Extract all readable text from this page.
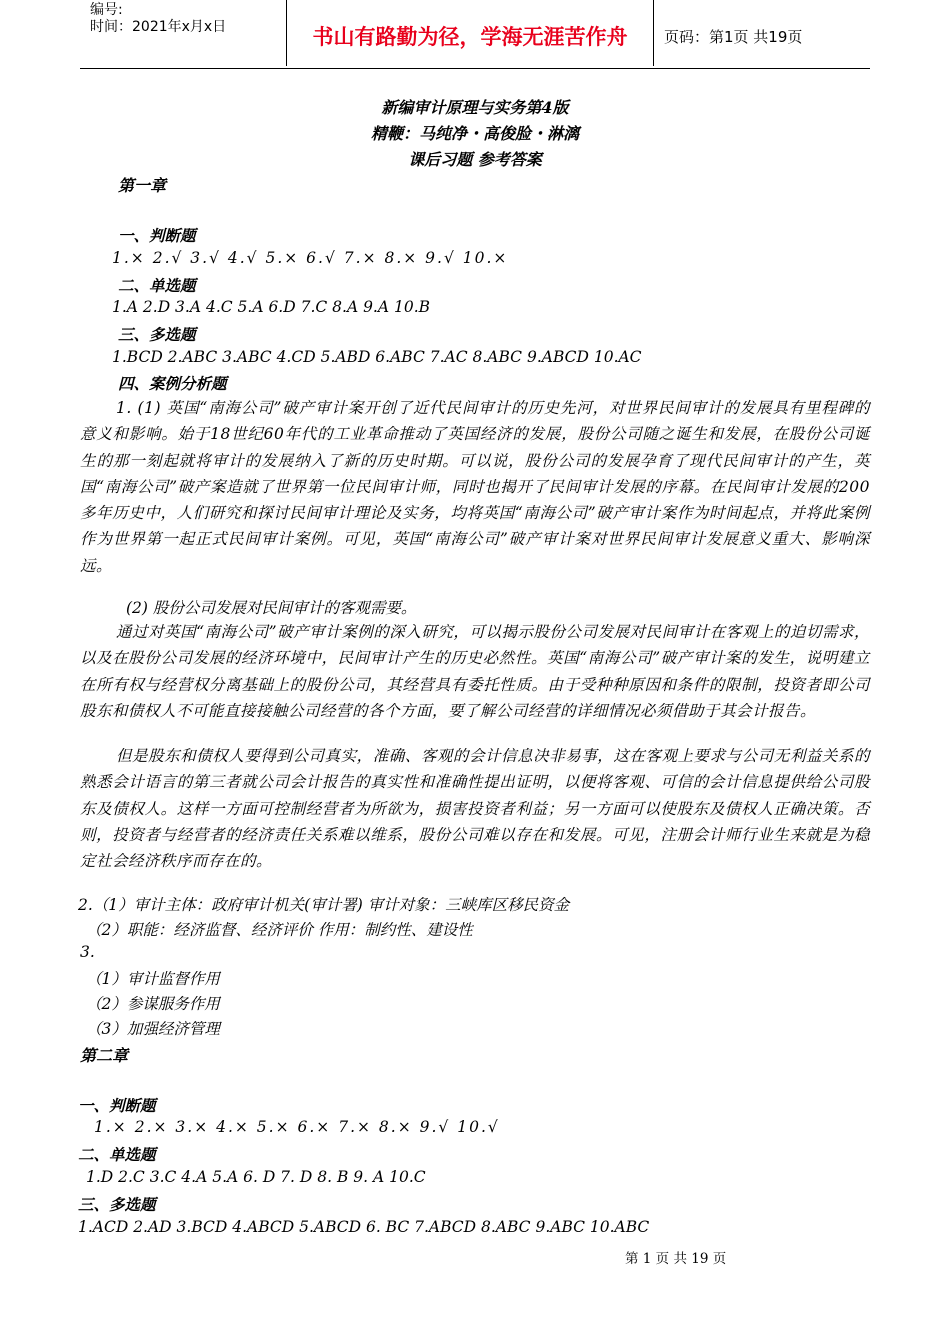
编号:
时间：2021年x月x日	书山有路勤为径，学海无涯苦作舟	页码：第1页 共19页
新编审计原理与实务第4版
精鞭：马纯净・高俊脸・淋漓
课后习题 参考答案
第一章
一、判断题
1.× 2.√ 3.√ 4.√ 5.× 6.√ 7.× 8.× 9.√ 10.×
二、单选题
1.A 2.D 3.A 4.C 5.A 6.D 7.C 8.A 9.A 10.B
三、多选题
1.BCD 2.ABC 3.ABC 4.CD 5.ABD 6.ABC 7.AC 8.ABC 9.ABCD 10.AC
四、案例分析题
1. (1) 英国“南海公司”破产审计案开创了近代民间审计的历史先河，对世界民间审计的发展具有里程碑的意义和影响。始于18世纪60年代的工业革命推动了英国经济的发展，股份公司随之诞生和发展，在股份公司诞生的那一刻起就将审计的发展纳入了新的历史时期。可以说，股份公司的发展孕育了现代民间审计的产生，英国“南海公司”破产案造就了世界第一位民间审计师，同时也揭开了民间审计发展的序幕。在民间审计发展的200多年历史中，人们研究和探讨民间审计理论及实务，均将英国“南海公司”破产审计案作为时间起点，并将此案例作为世界第一起正式民间审计案例。可见，英国“南海公司”破产审计案对世界民间审计发展意义重大、影响深远。
(2) 股份公司发展对民间审计的客观需要。
通过对英国“南海公司”破产审计案例的深入研究，可以揭示股份公司发展对民间审计在客观上的迫切需求，以及在股份公司发展的经济环境中，民间审计产生的历史必然性。英国“南海公司”破产审计案的发生，说明建立在所有权与经营权分离基础上的股份公司，其经营具有委托性质。由于受种种原因和条件的限制，投资者即公司股东和债权人不可能直接接触公司经营的各个方面，要了解公司经营的详细情况必须借助于其会计报告。
但是股东和债权人要得到公司真实，准确、客观的会计信息决非易事，这在客观上要求与公司无利益关系的熟悉会计语言的第三者就公司会计报告的真实性和准确性提出证明，以便将客观、可信的会计信息提供给公司股东及债权人。这样一方面可控制经营者为所欲为，损害投资者利益；另一方面可以使股东及债权人正确决策。否则，投资者与经营者的经济责任关系难以维系，股份公司难以存在和发展。可见，注册会计师行业生来就是为稳定社会经济秩序而存在的。
2.（1）审计主体：政府审计机关(审计署) 审计对象：三峡库区移民资金
（2）职能：经济监督、经济评价 作用：制约性、建设性
3.
（1）审计监督作用
（2）参谋服务作用
（3）加强经济管理
第二章
一、判断题
1.× 2.× 3.× 4.× 5.× 6.× 7.× 8.× 9.√ 10.√
二、单选题
1.D 2.C 3.C 4.A 5.A 6. D 7. D 8. B 9. A 10.C
三、多选题
1.ACD 2.AD 3.BCD 4.ABCD 5.ABCD 6. BC 7.ABCD 8.ABC 9.ABC 10.ABC
第 1 页 共 19 页
